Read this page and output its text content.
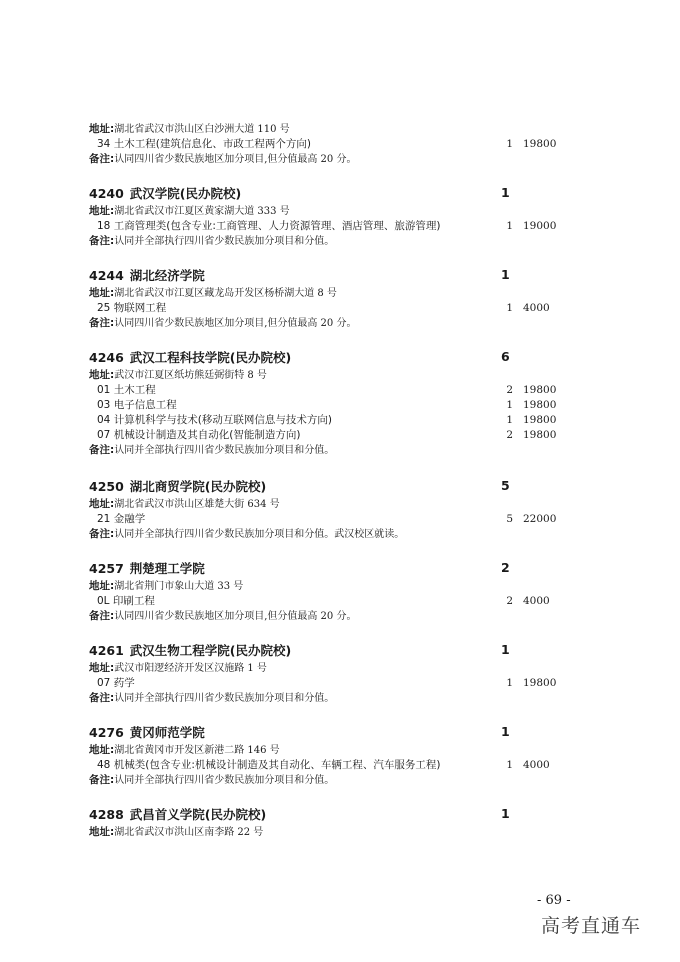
地址:湖北省武汉市洪山区白沙洲大道 110 号
34 土木工程(建筑信息化、市政工程两个方向)	1 19800
备注:认同四川省少数民族地区加分项目,但分值最高 20 分。
4240 武汉学院(民办院校)	1
地址:湖北省武汉市江夏区黄家湖大道 333 号
18 工商管理类(包含专业:工商管理、人力资源管理、酒店管理、旅游管理)	1 19000
备注:认同并全部执行四川省少数民族加分项目和分值。
4244 湖北经济学院	1
地址:湖北省武汉市江夏区藏龙岛开发区杨桥湖大道 8 号
25 物联网工程	1 4000
备注:认同四川省少数民族地区加分项目,但分值最高 20 分。
4246 武汉工程科技学院(民办院校)	6
地址:武汉市江夏区纸坊熊廷弼街特 8 号
01 土木工程	2 19800
03 电子信息工程	1 19800
04 计算机科学与技术(移动互联网信息与技术方向)	1 19800
07 机械设计制造及其自动化(智能制造方向)	2 19800
备注:认同并全部执行四川省少数民族加分项目和分值。
4250 湖北商贸学院(民办院校)	5
地址:湖北省武汉市洪山区雄楚大街 634 号
21 金融学	5 22000
备注:认同并全部执行四川省少数民族加分项目和分值。武汉校区就读。
4257 荆楚理工学院	2
地址:湖北省荆门市象山大道 33 号
0L 印刷工程	2 4000
备注:认同四川省少数民族地区加分项目,但分值最高 20 分。
4261 武汉生物工程学院(民办院校)	1
地址:武汉市阳逻经济开发区汉施路 1 号
07 药学	1 19800
备注:认同并全部执行四川省少数民族加分项目和分值。
4276 黄冈师范学院	1
地址:湖北省黄冈市开发区新港二路 146 号
48 机械类(包含专业:机械设计制造及其自动化、车辆工程、汽车服务工程)	1 4000
备注:认同并全部执行四川省少数民族加分项目和分值。
4288 武昌首义学院(民办院校)	1
地址:湖北省武汉市洪山区南李路 22 号
- 69 -
高考直通车
